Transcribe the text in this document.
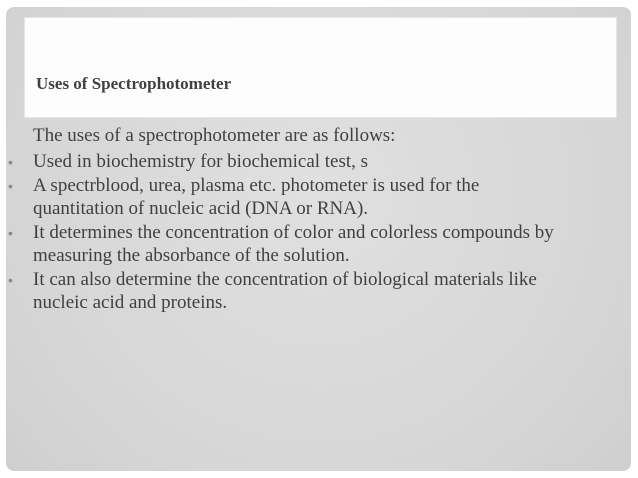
Uses of Spectrophotometer

The uses of a spectrophotometer are as follows:

• Used in biochemistry for biochemical test, s
• A spectrblood, urea, plasma etc. photometer is used for the
quantitation of nucleic acid (DNA or RNA).
• It determines the concentration of color and colorless compounds by
measuring the absorbance of the solution.
• It can also determine the concentration of biological materials like
nucleic acid and proteins.
